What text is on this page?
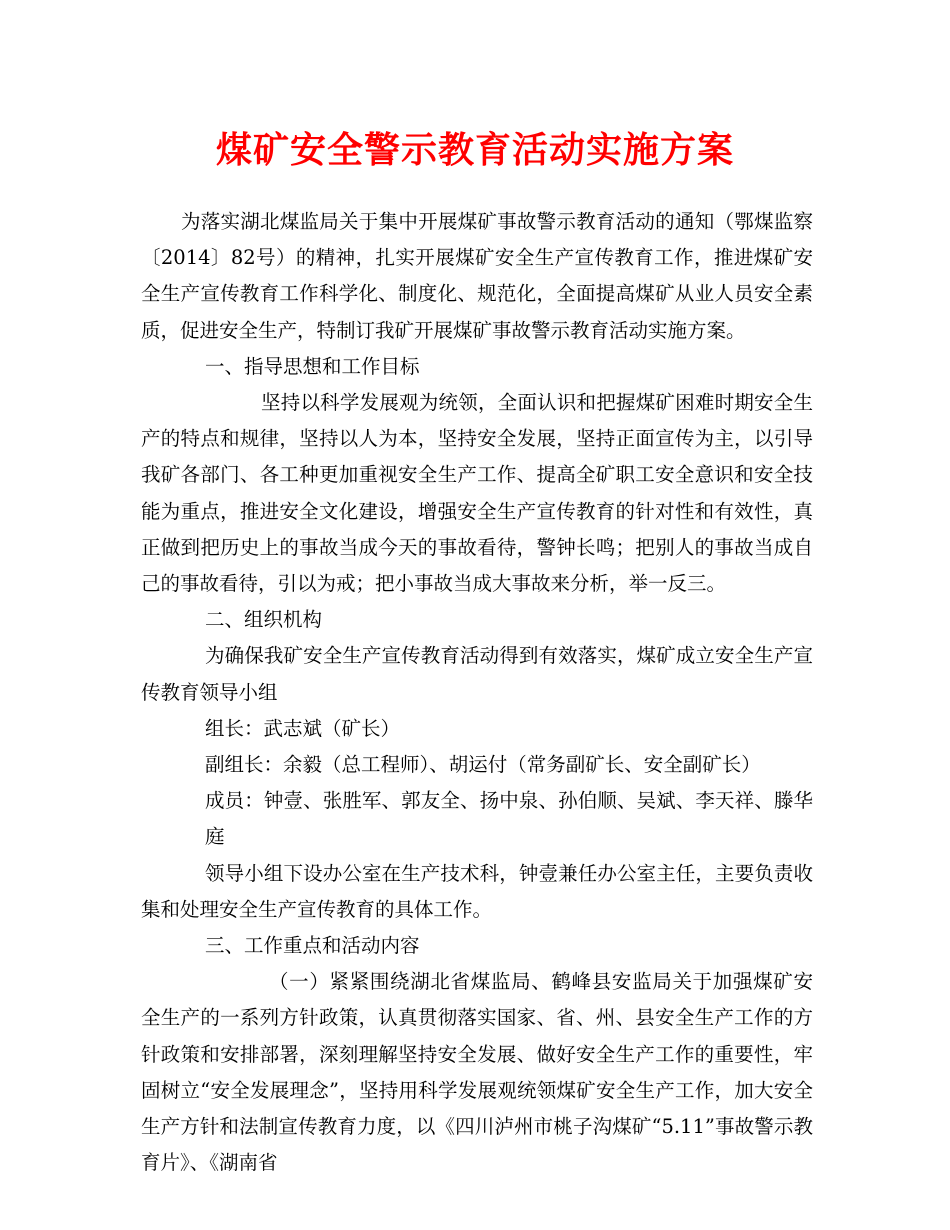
煤矿安全警示教育活动实施方案

为落实湖北煤监局关于集中开展煤矿事故警示教育活动的通知（鄂煤监察〔2014〕82号）的精神，扎实开展煤矿安全生产宣传教育工作，推进煤矿安全生产宣传教育工作科学化、制度化、规范化，全面提高煤矿从业人员安全素质，促进安全生产，特制订我矿开展煤矿事故警示教育活动实施方案。

一、指导思想和工作目标

坚持以科学发展观为统领，全面认识和把握煤矿困难时期安全生产的特点和规律，坚持以人为本，坚持安全发展，坚持正面宣传为主，以引导我矿各部门、各工种更加重视安全生产工作、提高全矿职工安全意识和安全技能为重点，推进安全文化建设，增强安全生产宣传教育的针对性和有效性，真正做到把历史上的事故当成今天的事故看待，警钟长鸣；把别人的事故当成自己的事故看待，引以为戒；把小事故当成大事故来分析，举一反三。

二、组织机构

为确保我矿安全生产宣传教育活动得到有效落实，煤矿成立安全生产宣传教育领导小组

组长：武志斌（矿长）

副组长：余毅（总工程师）、胡运付（常务副矿长、安全副矿长）

成员：钟壹、张胜军、郭友全、扬中泉、孙伯顺、吴斌、李天祥、滕华庭

领导小组下设办公室在生产技术科，钟壹兼任办公室主任，主要负责收集和处理安全生产宣传教育的具体工作。

三、工作重点和活动内容

（一）紧紧围绕湖北省煤监局、鹤峰县安监局关于加强煤矿安全生产的一系列方针政策，认真贯彻落实国家、省、州、县安全生产工作的方针政策和安排部署，深刻理解坚持安全发展、做好安全生产工作的重要性，牢固树立“安全发展理念”，坚持用科学发展观统领煤矿安全生产工作，加大安全生产方针和法制宣传教育力度，以《四川泸州市桃子沟煤矿“5.11”事故警示教育片》、《湖南省
